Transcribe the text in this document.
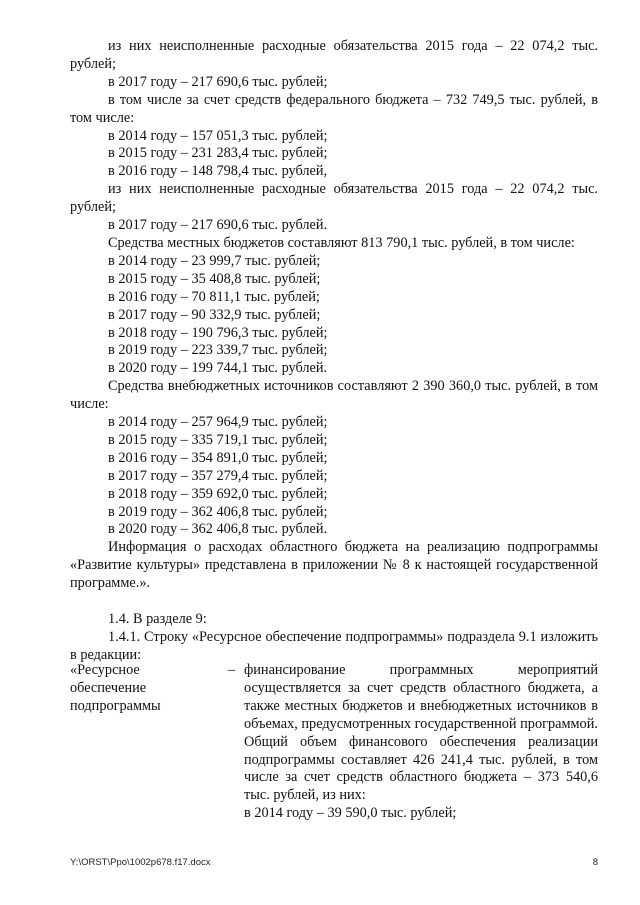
из них неисполненные расходные обязательства 2015 года – 22 074,2 тыс. рублей;

в 2017 году – 217 690,6 тыс. рублей;

в том числе за счет средств федерального бюджета – 732 749,5 тыс. рублей, в том числе:

в 2014 году – 157 051,3 тыс. рублей;

в 2015 году – 231 283,4 тыс. рублей;

в 2016 году – 148 798,4 тыс. рублей,

из них неисполненные расходные обязательства 2015 года – 22 074,2 тыс. рублей;

в 2017 году – 217 690,6 тыс. рублей.

Средства местных бюджетов составляют 813 790,1 тыс. рублей, в том числе:

в 2014 году – 23 999,7 тыс. рублей;

в 2015 году – 35 408,8 тыс. рублей;

в 2016 году – 70 811,1 тыс. рублей;

в 2017 году – 90 332,9 тыс. рублей;

в 2018 году – 190 796,3 тыс. рублей;

в 2019 году – 223 339,7 тыс. рублей;

в 2020 году – 199 744,1 тыс. рублей.

Средства внебюджетных источников составляют 2 390 360,0 тыс. рублей, в том числе:

в 2014 году – 257 964,9 тыс. рублей;

в 2015 году – 335 719,1 тыс. рублей;

в 2016 году – 354 891,0 тыс. рублей;

в 2017 году – 357 279,4 тыс. рублей;

в 2018 году – 359 692,0 тыс. рублей;

в 2019 году – 362 406,8 тыс. рублей;

в 2020 году – 362 406,8 тыс. рублей.

Информация о расходах областного бюджета на реализацию подпрограммы «Развитие культуры» представлена в приложении № 8 к настоящей государственной программе.».

1.4. В разделе 9:

1.4.1. Строку «Ресурсное обеспечение подпрограммы» подраздела 9.1 изложить в редакции:

«Ресурсное обеспечение подпрограммы
– финансирование программных мероприятий осуществляется за счет средств областного бюджета, а также местных бюджетов и внебюджетных источников в объемах, предусмотренных государственной программой.

Общий объем финансового обеспечения реализации подпрограммы составляет 426 241,4 тыс. рублей, в том числе за счет средств областного бюджета – 373 540,6 тыс. рублей, из них:

в 2014 году – 39 590,0 тыс. рублей;

Y:\ORST\Ppo\1002p678.f17.docx	8
